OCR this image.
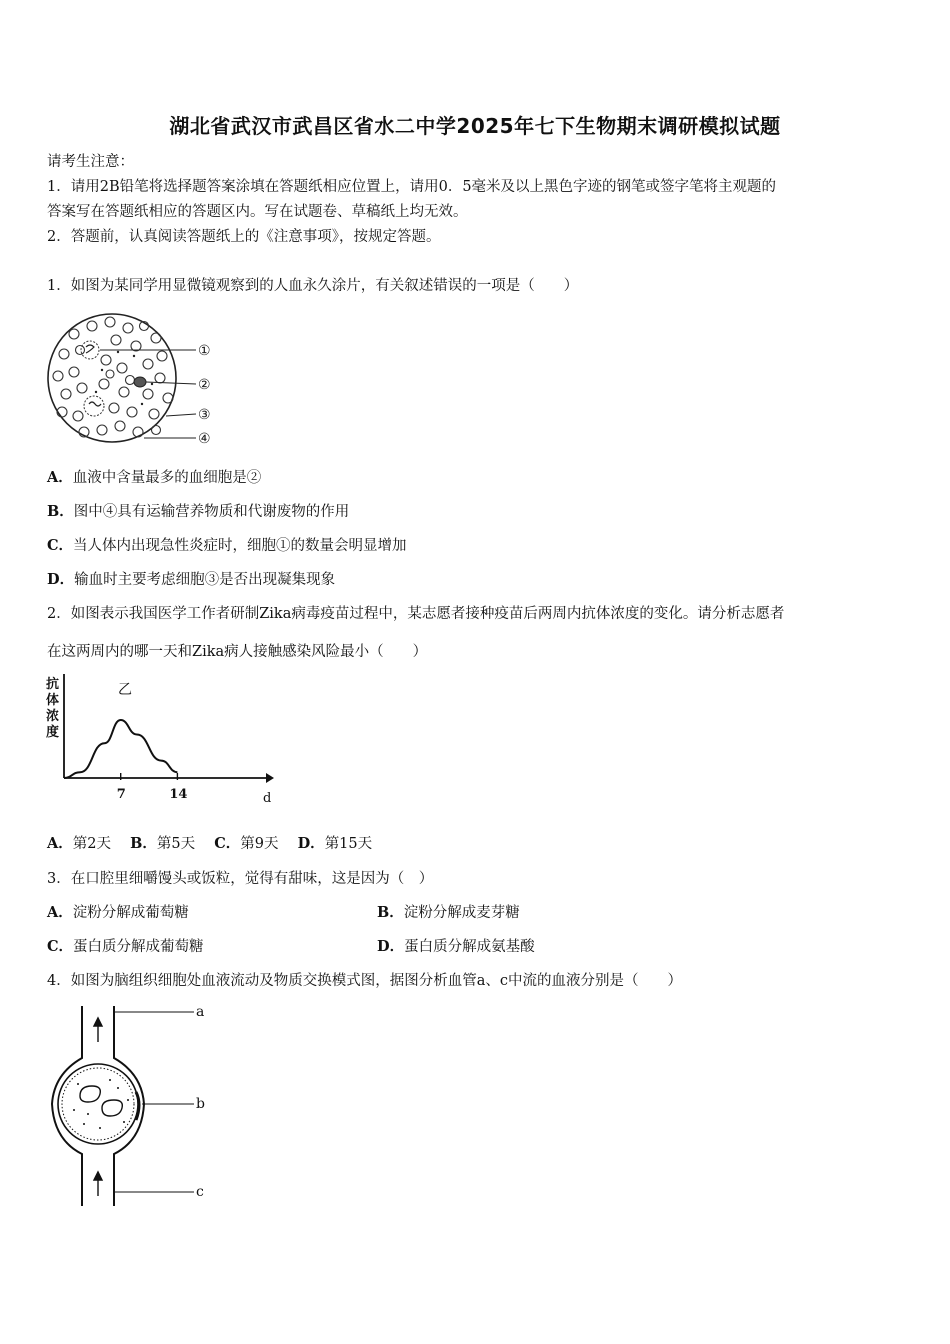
湖北省武汉市武昌区省水二中学2025年七下生物期末调研模拟试题
请考生注意：
1．请用2B铅笔将选择题答案涂填在答题纸相应位置上，请用0．5毫米及以上黑色字迹的钢笔或签字笔将主观题的
答案写在答题纸相应的答题区内。写在试题卷、草稿纸上均无效。
2．答题前，认真阅读答题纸上的《注意事项》，按规定答题。
1．如图为某同学用显微镜观察到的人血永久涂片，有关叙述错误的一项是（　　）
①
②
③
④
A．血液中含量最多的血细胞是②
B．图中④具有运输营养物质和代谢废物的作用
C．当人体内出现急性炎症时，细胞①的数量会明显增加
D．输血时主要考虑细胞③是否出现凝集现象
2．如图表示我国医学工作者研制Zika病毒疫苗过程中，某志愿者接种疫苗后两周内抗体浓度的变化。请分析志愿者
在这两周内的哪一天和Zika病人接触感染风险最小（　　）
抗
体
浓
度
乙
7	14	d
A．第2天　 B．第5天　 C．第9天　 D．第15天
3．在口腔里细嚼馒头或饭粒，觉得有甜味，这是因为（　）
A．淀粉分解成葡萄糖	B．淀粉分解成麦芽糖
C．蛋白质分解成葡萄糖	D．蛋白质分解成氨基酸
4．如图为脑组织细胞处血液流动及物质交换模式图，据图分析血管a、c中流的血液分别是（　　）
a
b
c
